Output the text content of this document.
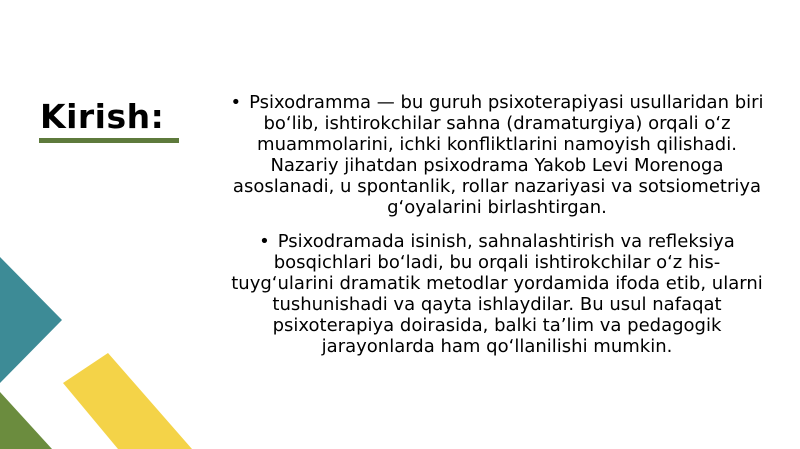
Kirish:	• Psixodramma — bu guruh psixoterapiyasi usullaridan biri bo‘lib, ishtirokchilar sahna (dramaturgiya) orqali o‘z muammolarini, ichki konfliktlarini namoyish qilishadi. Nazariy jihatdan psixodrama Yakob Levi Morenoga asoslanadi, u spontanlik, rollar nazariyasi va sotsiometriya g‘oyalarini birlashtirgan.
• Psixodramada isinish, sahnalashtirish va refleksiya bosqichlari bo‘ladi, bu orqali ishtirokchilar o‘z his-tuyg‘ularini dramatik metodlar yordamida ifoda etib, ularni tushunishadi va qayta ishlaydilar. Bu usul nafaqat psixoterapiya doirasida, balki ta’lim va pedagogik jarayonlarda ham qo‘llanilishi mumkin.
